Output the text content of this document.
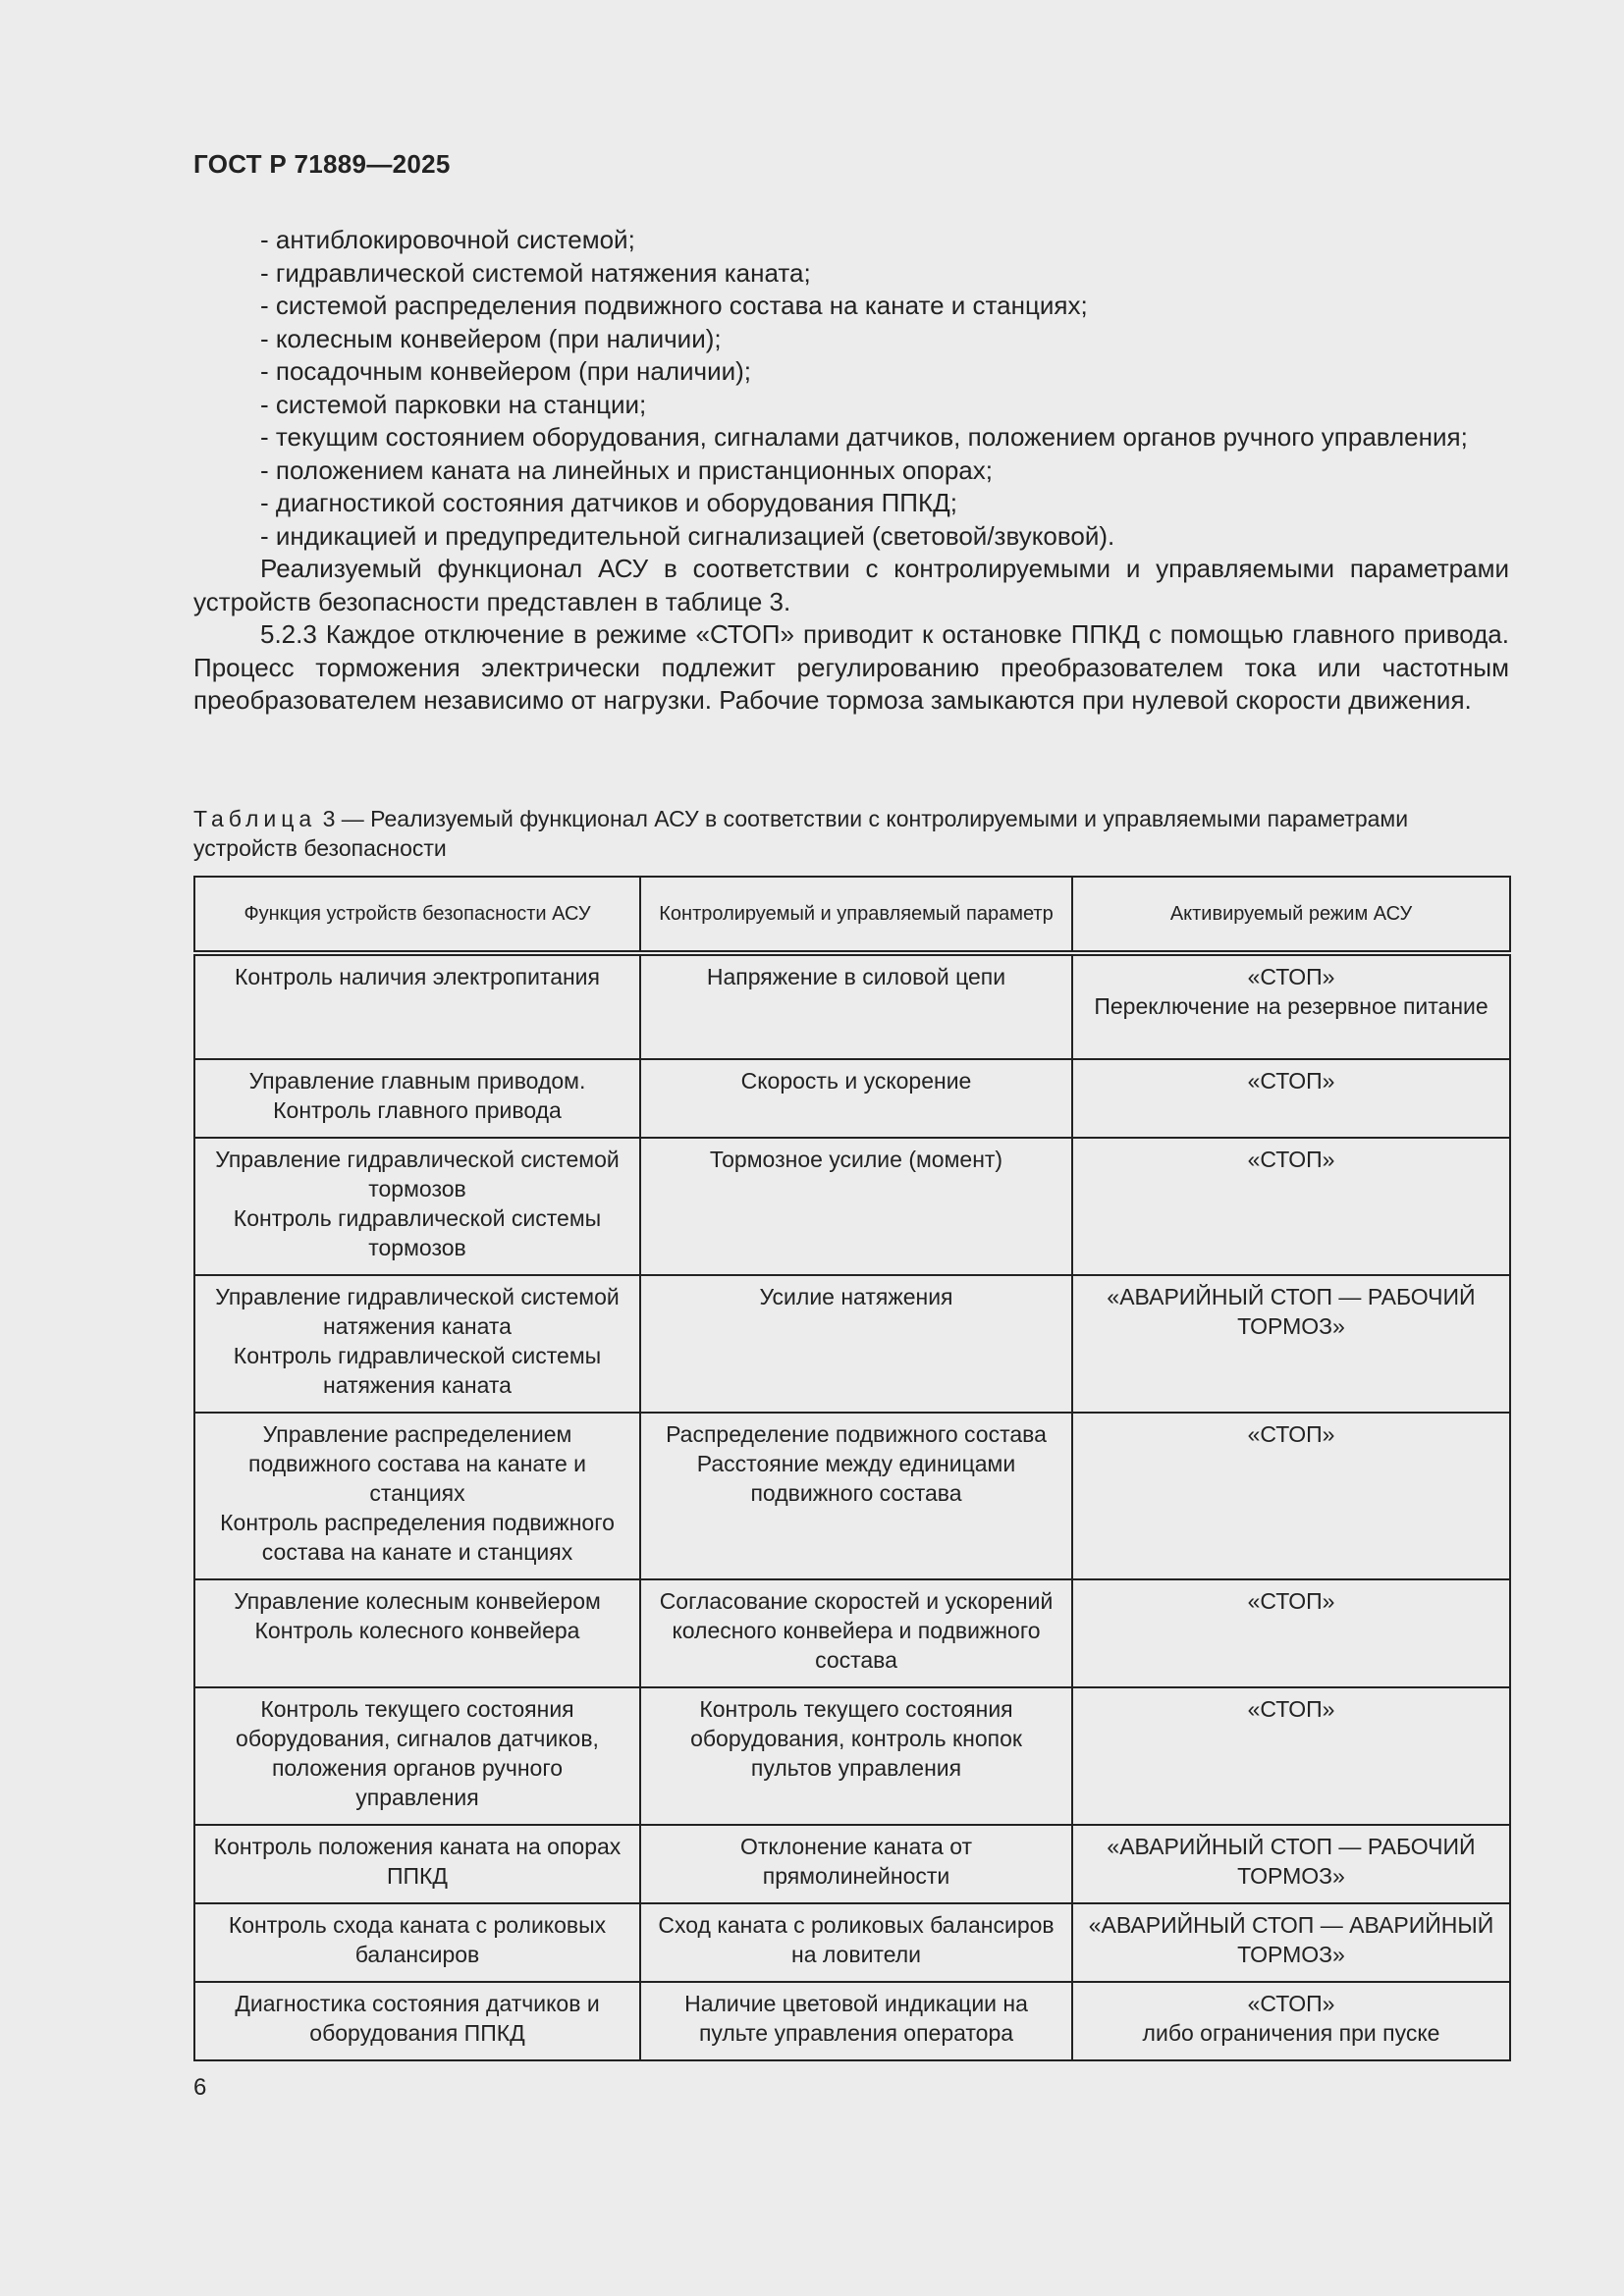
ГОСТ Р 71889—2025

- антиблокировочной системой;

- гидравлической системой натяжения каната;

- системой распределения подвижного состава на канате и станциях;

- колесным конвейером (при наличии);

- посадочным конвейером (при наличии);

- системой парковки на станции;

- текущим состоянием оборудования, сигналами датчиков, положением органов ручного управления;

- положением каната на линейных и пристанционных опорах;

- диагностикой состояния датчиков и оборудования ППКД;

- индикацией и предупредительной сигнализацией (световой/звуковой).

Реализуемый функционал АСУ в соответствии с контролируемыми и управляемыми параметрами устройств безопасности представлен в таблице 3.

5.2.3 Каждое отключение в режиме «СТОП» приводит к остановке ППКД с помощью главного привода. Процесс торможения электрически подлежит регулированию преобразователем тока или частотным преобразователем независимо от нагрузки. Рабочие тормоза замыкаются при нулевой скорости движения.

Таблица 3 — Реализуемый функционал АСУ в соответствии с контролируемыми и управляемыми параметрами устройств безопасности
Функция устройств безопасности АСУ	Контролируемый и управляемый параметр	Активируемый режим АСУ

Контроль наличия электропитания	Напряжение в силовой цепи	«СТОП»
Переключение на резервное питание

Управление главным приводом.
Контроль главного привода	Скорость и ускорение	«СТОП»

Управление гидравлической системой тормозов
Контроль гидравлической системы тормозов	Тормозное усилие (момент)	«СТОП»

Управление гидравлической системой натяжения каната
Контроль гидравлической системы натяжения каната	Усилие натяжения	«АВАРИЙНЫЙ СТОП — РАБОЧИЙ ТОРМОЗ»

Управление распределением подвижного состава на канате и станциях
Контроль распределения подвижного состава на канате и станциях	Распределение подвижного состава
Расстояние между единицами подвижного состава	«СТОП»

Управление колесным конвейером
Контроль колесного конвейера	Согласование скоростей и ускорений колесного конвейера и подвижного состава	«СТОП»

Контроль текущего состояния оборудования, сигналов датчиков, положения органов ручного управления	Контроль текущего состояния оборудования, контроль кнопок пультов управления	«СТОП»

Контроль положения каната на опорах ППКД	Отклонение каната от прямолинейности	«АВАРИЙНЫЙ СТОП — РАБОЧИЙ ТОРМОЗ»

Контроль схода каната с роликовых балансиров	Сход каната с роликовых балансиров на ловители	«АВАРИЙНЫЙ СТОП — АВАРИЙНЫЙ ТОРМОЗ»

Диагностика состояния датчиков и оборудования ППКД	Наличие цветовой индикации на пульте управления оператора	«СТОП»
либо ограничения при пуске
6
